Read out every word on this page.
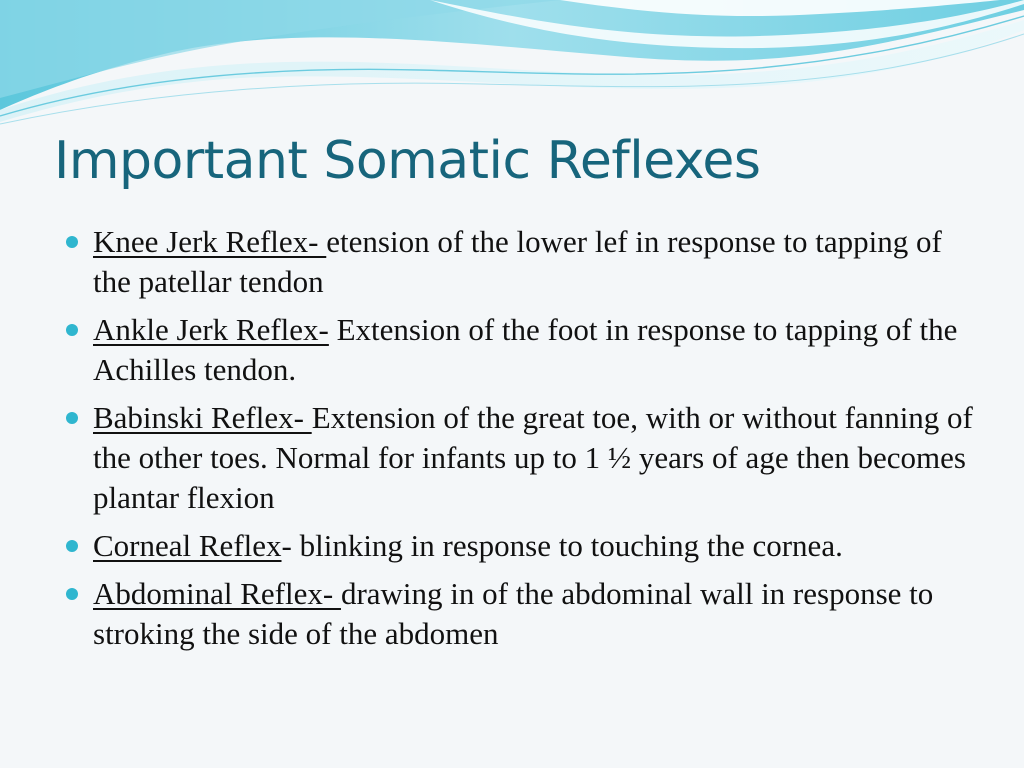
Important Somatic Reflexes
Knee Jerk Reflex- etension of the lower lef in response to tapping of the patellar tendon
Ankle Jerk Reflex- Extension of the foot in response to tapping of the Achilles tendon.
Babinski Reflex- Extension of the great toe, with or without fanning of the other toes. Normal for infants up to 1 ½ years of age then becomes plantar flexion
Corneal Reflex- blinking in response to touching the cornea.
Abdominal Reflex- drawing in of the abdominal wall in response to stroking the side of the abdomen
